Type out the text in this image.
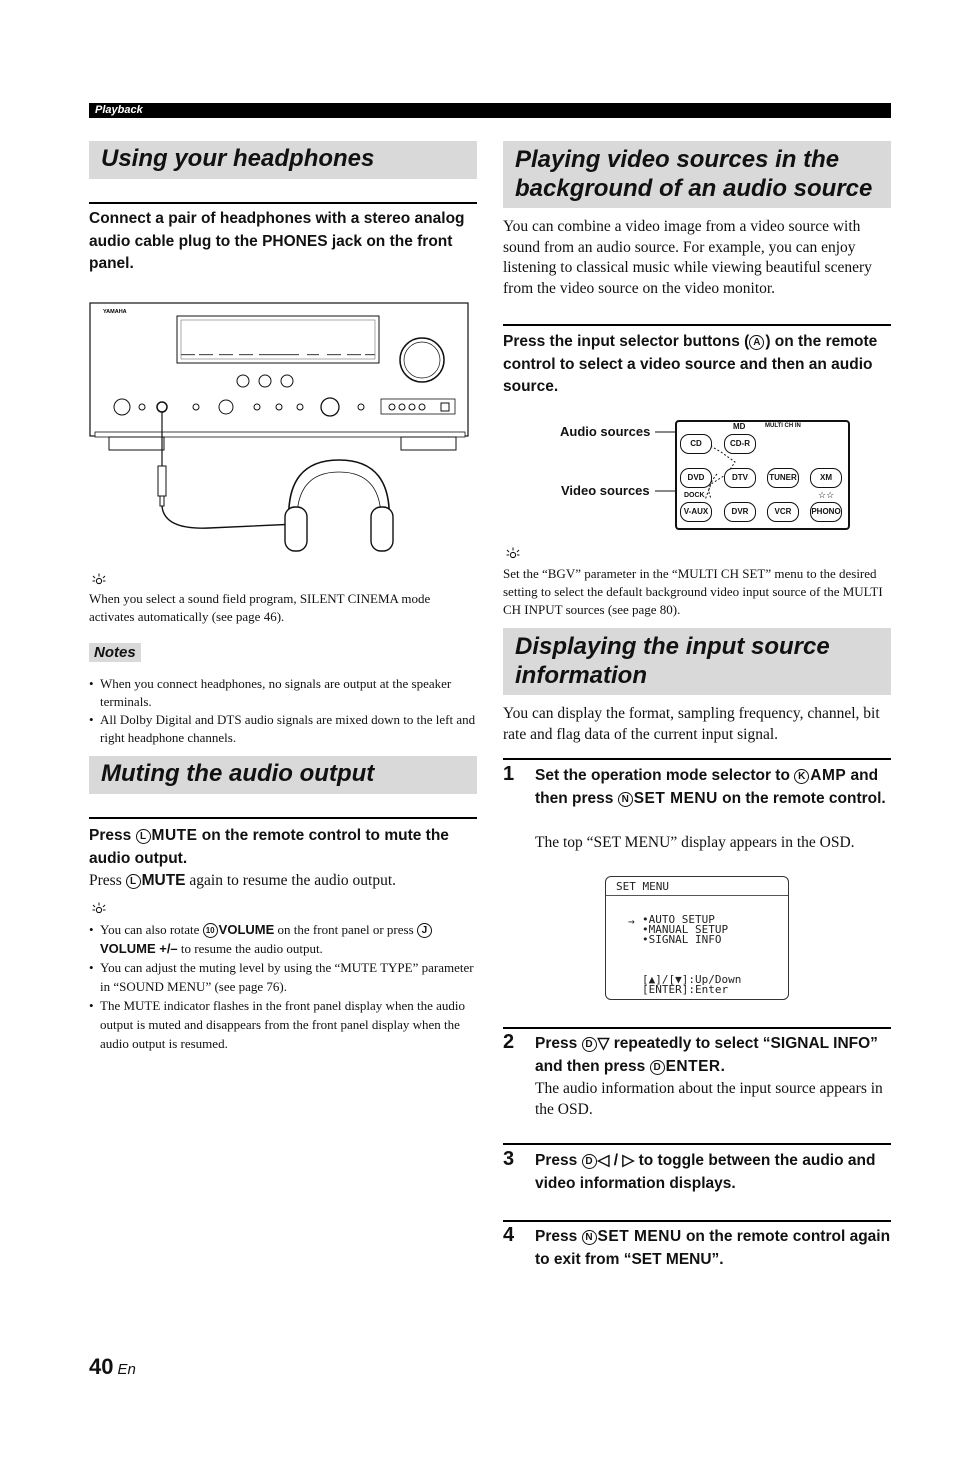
Playback
Using your headphones
Connect a pair of headphones with a stereo analog audio cable plug to the PHONES jack on the front panel.
YAMAHA
When you select a sound field program, SILENT CINEMA mode activates automatically (see page 46).
Notes
• When you connect headphones, no signals are output at the speaker terminals.
• All Dolby Digital and DTS audio signals are mixed down to the left and right headphone channels.
Muting the audio output
Press L MUTE on the remote control to mute the audio output.
Press L MUTE again to resume the audio output.
• You can also rotate 10 VOLUME on the front panel or press JVOLUME +/– to resume the audio output.
• You can adjust the muting level by using the “MUTE TYPE” parameter in “SOUND MENU” (see page 76).
• The MUTE indicator flashes in the front panel display when the audio output is muted and disappears from the front panel display when the audio output is resumed.
Playing video sources in the
background of an audio source
You can combine a video image from a video source with sound from an audio source. For example, you can enjoy listening to classical music while viewing beautiful scenery from the video source on the video monitor.
Press the input selector buttons ( A ) on the remote control to select a video source and then an audio source.
Audio sources
Video sources
MD	MULTI CH IN
CD	CD-R
DVD	DTV	TUNER	XM
DOCK	☆☆
V-AUX	DVR	VCR	PHONO
Set the “BGV” parameter in the “MULTI CH SET” menu to the desired setting to select the default background video input source of the MULTI CH INPUT sources (see page 80).
Displaying the input source
information
You can display the format, sampling frequency, channel, bit rate and flag data of the current input signal.
1 Set the operation mode selector to K AMP and then press N SET MENU on the remote control.
The top “SET MENU” display appears in the OSD.
SET MENU
→ •AUTO SETUP
•MANUAL SETUP
•SIGNAL INFO
[▲]/[▼]:Up/Down
[ENTER]:Enter
2 Press D ▽ repeatedly to select “SIGNAL INFO” and then press D ENTER.
The audio information about the input source appears in the OSD.
3 Press D ◁ / ▷ to toggle between the audio and video information displays.
4 Press N SET MENU on the remote control again to exit from “SET MENU”.
40 En
